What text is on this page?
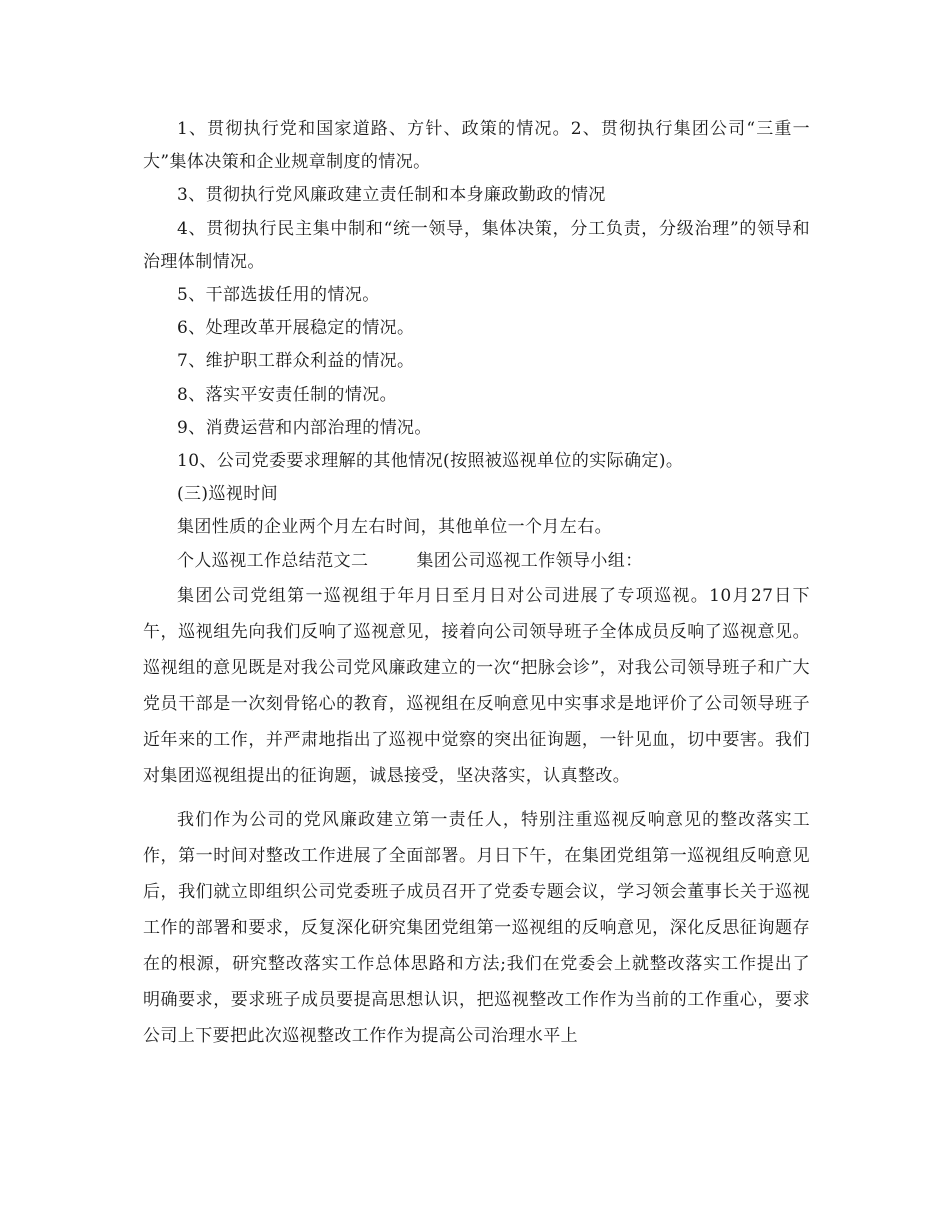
1、贯彻执行党和国家道路、方针、政策的情况。2、贯彻执行集团公司“三重一大”集体决策和企业规章制度的情况。

3、贯彻执行党风廉政建立责任制和本身廉政勤政的情况

4、贯彻执行民主集中制和“统一领导，集体决策，分工负责，分级治理”的领导和治理体制情况。

5、干部选拔任用的情况。

6、处理改革开展稳定的情况。

7、维护职工群众利益的情况。

8、落实平安责任制的情况。

9、消费运营和内部治理的情况。

10、公司党委要求理解的其他情况(按照被巡视单位的实际确定)。

(三)巡视时间

集团性质的企业两个月左右时间，其他单位一个月左右。

个人巡视工作总结范文二	集团公司巡视工作领导小组：

集团公司党组第一巡视组于年月日至月日对公司进展了专项巡视。10月27日下午，巡视组先向我们反响了巡视意见，接着向公司领导班子全体成员反响了巡视意见。巡视组的意见既是对我公司党风廉政建立的一次“把脉会诊”，对我公司领导班子和广大党员干部是一次刻骨铭心的教育，巡视组在反响意见中实事求是地评价了公司领导班子近年来的工作，并严肃地指出了巡视中觉察的突出征询题，一针见血，切中要害。我们对集团巡视组提出的征询题，诚恳接受，坚决落实，认真整改。

我们作为公司的党风廉政建立第一责任人，特别注重巡视反响意见的整改落实工作，第一时间对整改工作进展了全面部署。月日下午，在集团党组第一巡视组反响意见后，我们就立即组织公司党委班子成员召开了党委专题会议，学习领会董事长关于巡视工作的部署和要求，反复深化研究集团党组第一巡视组的反响意见，深化反思征询题存在的根源，研究整改落实工作总体思路和方法;我们在党委会上就整改落实工作提出了明确要求，要求班子成员要提高思想认识，把巡视整改工作作为当前的工作重心，要求公司上下要把此次巡视整改工作作为提高公司治理水平上
